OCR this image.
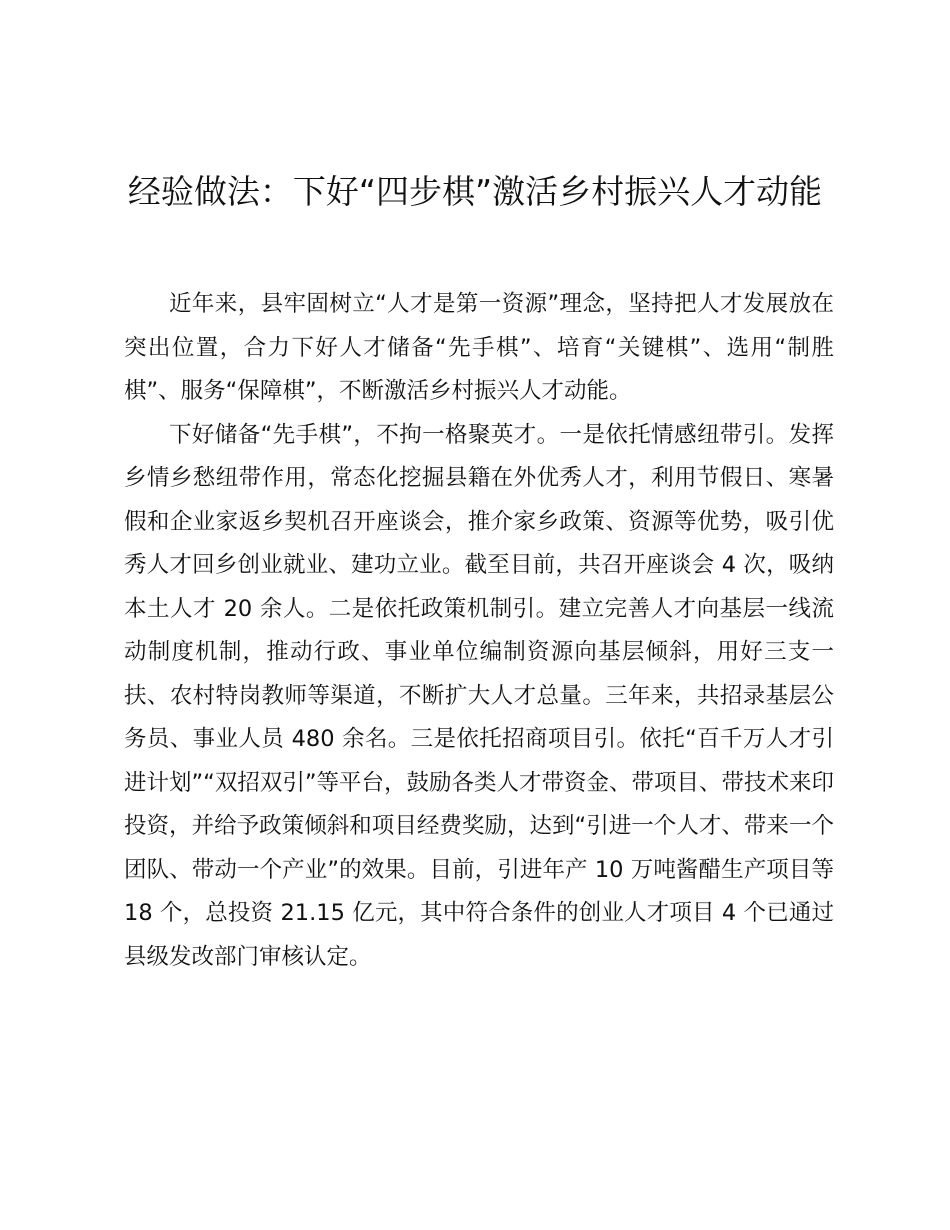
经验做法：下好“四步棋”激活乡村振兴人才动能

近年来，县牢固树立“人才是第一资源”理念，坚持把人才发展放在突出位置，合力下好人才储备“先手棋”、培育“关键棋”、选用“制胜棋”、服务“保障棋”，不断激活乡村振兴人才动能。

下好储备“先手棋”，不拘一格聚英才。一是依托情感纽带引。发挥乡情乡愁纽带作用，常态化挖掘县籍在外优秀人才，利用节假日、寒暑假和企业家返乡契机召开座谈会，推介家乡政策、资源等优势，吸引优秀人才回乡创业就业、建功立业。截至目前，共召开座谈会 4 次，吸纳本土人才 20 余人。二是依托政策机制引。建立完善人才向基层一线流动制度机制，推动行政、事业单位编制资源向基层倾斜，用好三支一扶、农村特岗教师等渠道，不断扩大人才总量。三年来，共招录基层公务员、事业人员 480 余名。三是依托招商项目引。依托“百千万人才引进计划”“双招双引”等平台，鼓励各类人才带资金、带项目、带技术来印投资，并给予政策倾斜和项目经费奖励，达到“引进一个人才、带来一个团队、带动一个产业”的效果。目前，引进年产 10 万吨酱醋生产项目等 18 个，总投资 21.15 亿元，其中符合条件的创业人才项目 4 个已通过县级发改部门审核认定。
